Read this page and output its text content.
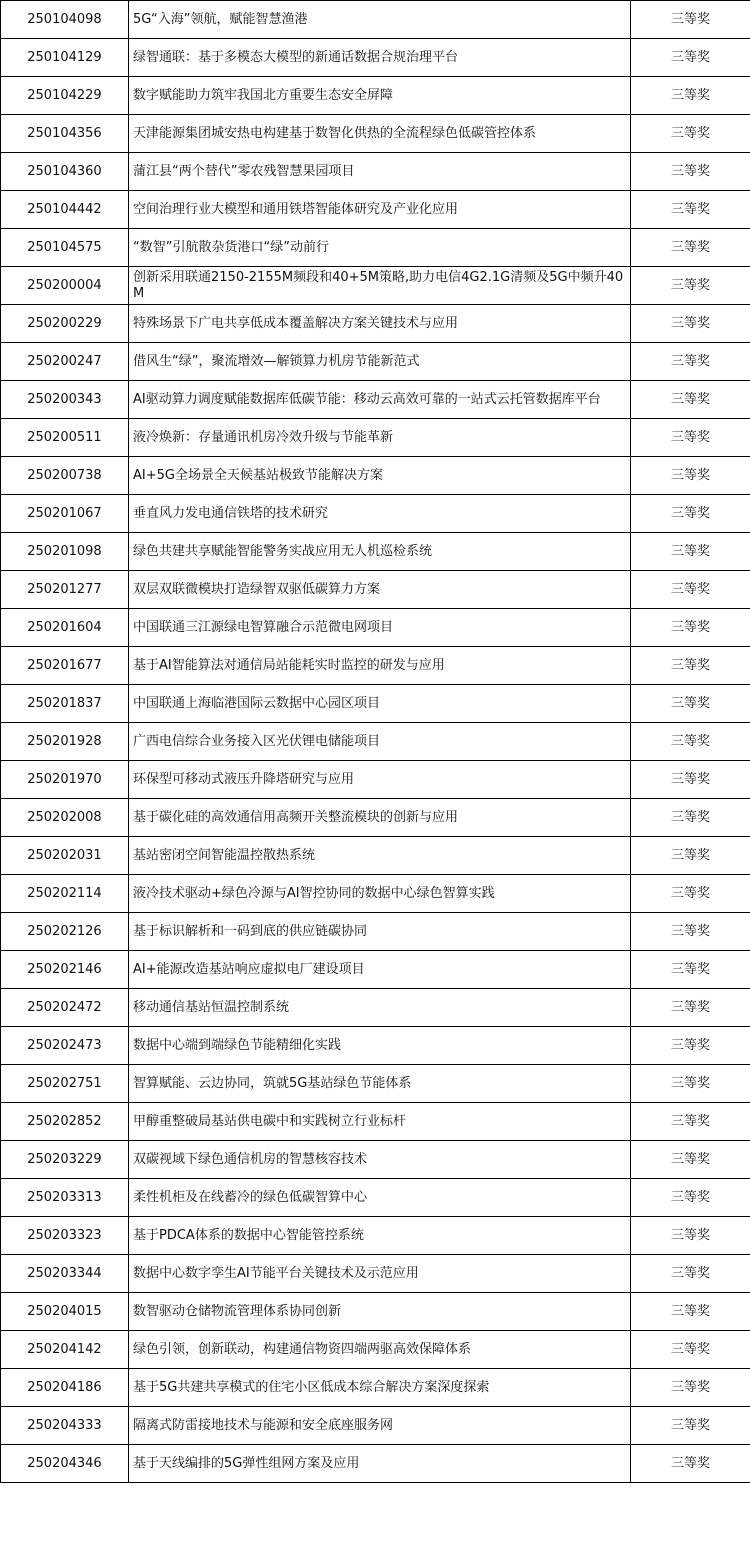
250104098	5G“入海”领航，赋能智慧渔港	三等奖
250104129	绿智通联：基于多模态大模型的新通话数据合规治理平台	三等奖
250104229	数字赋能助力筑牢我国北方重要生态安全屏障	三等奖
250104356	天津能源集团城安热电构建基于数智化供热的全流程绿色低碳管控体系	三等奖
250104360	蒲江县“两个替代”零农残智慧果园项目	三等奖
250104442	空间治理行业大模型和通用铁塔智能体研究及产业化应用	三等奖
250104575	“数智”引航散杂货港口“绿”动前行	三等奖
250200004	创新采用联通2150-2155M频段和40+5M策略,助力电信4G2.1G清频及5G中频升40M	三等奖
250200229	特殊场景下广电共享低成本覆盖解决方案关键技术与应用	三等奖
250200247	借风生“绿”，聚流增效—解锁算力机房节能新范式	三等奖
250200343	AI驱动算力调度赋能数据库低碳节能：移动云高效可靠的一站式云托管数据库平台	三等奖
250200511	液冷焕新：存量通讯机房冷效升级与节能革新	三等奖
250200738	AI+5G全场景全天候基站极致节能解决方案	三等奖
250201067	垂直风力发电通信铁塔的技术研究	三等奖
250201098	绿色共建共享赋能智能警务实战应用无人机巡检系统	三等奖
250201277	双层双联微模块打造绿智双驱低碳算力方案	三等奖
250201604	中国联通三江源绿电智算融合示范微电网项目	三等奖
250201677	基于AI智能算法对通信局站能耗实时监控的研发与应用	三等奖
250201837	中国联通上海临港国际云数据中心园区项目	三等奖
250201928	广西电信综合业务接入区光伏锂电储能项目	三等奖
250201970	环保型可移动式液压升降塔研究与应用	三等奖
250202008	基于碳化硅的高效通信用高频开关整流模块的创新与应用	三等奖
250202031	基站密闭空间智能温控散热系统	三等奖
250202114	液冷技术驱动+绿色冷源与AI智控协同的数据中心绿色智算实践	三等奖
250202126	基于标识解析和一码到底的供应链碳协同	三等奖
250202146	AI+能源改造基站响应虚拟电厂建设项目	三等奖
250202472	移动通信基站恒温控制系统	三等奖
250202473	数据中心端到端绿色节能精细化实践	三等奖
250202751	智算赋能、云边协同，筑就5G基站绿色节能体系	三等奖
250202852	甲醇重整破局基站供电碳中和实践树立行业标杆	三等奖
250203229	双碳视域下绿色通信机房的智慧核容技术	三等奖
250203313	柔性机柜及在线蓄冷的绿色低碳智算中心	三等奖
250203323	基于PDCA体系的数据中心智能管控系统	三等奖
250203344	数据中心数字孪生AI节能平台关键技术及示范应用	三等奖
250204015	数智驱动仓储物流管理体系协同创新	三等奖
250204142	绿色引领，创新联动，构建通信物资四端两驱高效保障体系	三等奖
250204186	基于5G共建共享模式的住宅小区低成本综合解决方案深度探索	三等奖
250204333	隔离式防雷接地技术与能源和安全底座服务网	三等奖
250204346	基于天线编排的5G弹性组网方案及应用	三等奖
